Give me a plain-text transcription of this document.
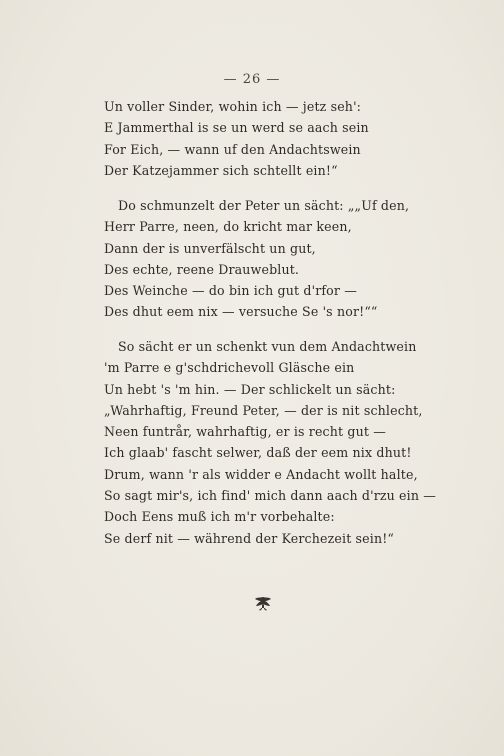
— 26 —
Un voller Sinder, wohin ich — jetz seh':
E Jammerthal is se un werd se aach sein
For Eich, — wann uf den Andachtswein
Der Katzejammer sich schtellt ein!“
Do schmunzelt der Peter un sächt: „„Uf den,
Herr Parre, neen, do kricht mar keen,
Dann der is unverfälscht un gut,
Des echte, reene Drauweblut.
Des Weinche — do bin ich gut d'rfor —
Des dhut eem nix — versuche Se 's nor!““
So sächt er un schenkt vun dem Andachtwein
'm Parre e g'schdrichevoll Gläsche ein
Un hebt 's 'm hin. — Der schlickelt un sächt:
„Wahrhaftig, Freund Peter, — der is nit schlecht,
Neen funtrår, wahrhaftig, er is recht gut —
Ich glaab' fascht selwer, daß der eem nix dhut!
Drum, wann 'r als widder e Andacht wollt halte,
So sagt mir's, ich find' mich dann aach d'rzu ein —
Doch Eens muß ich m'r vorbehalte:
Se derf nit — während der Kerchezeit sein!“
